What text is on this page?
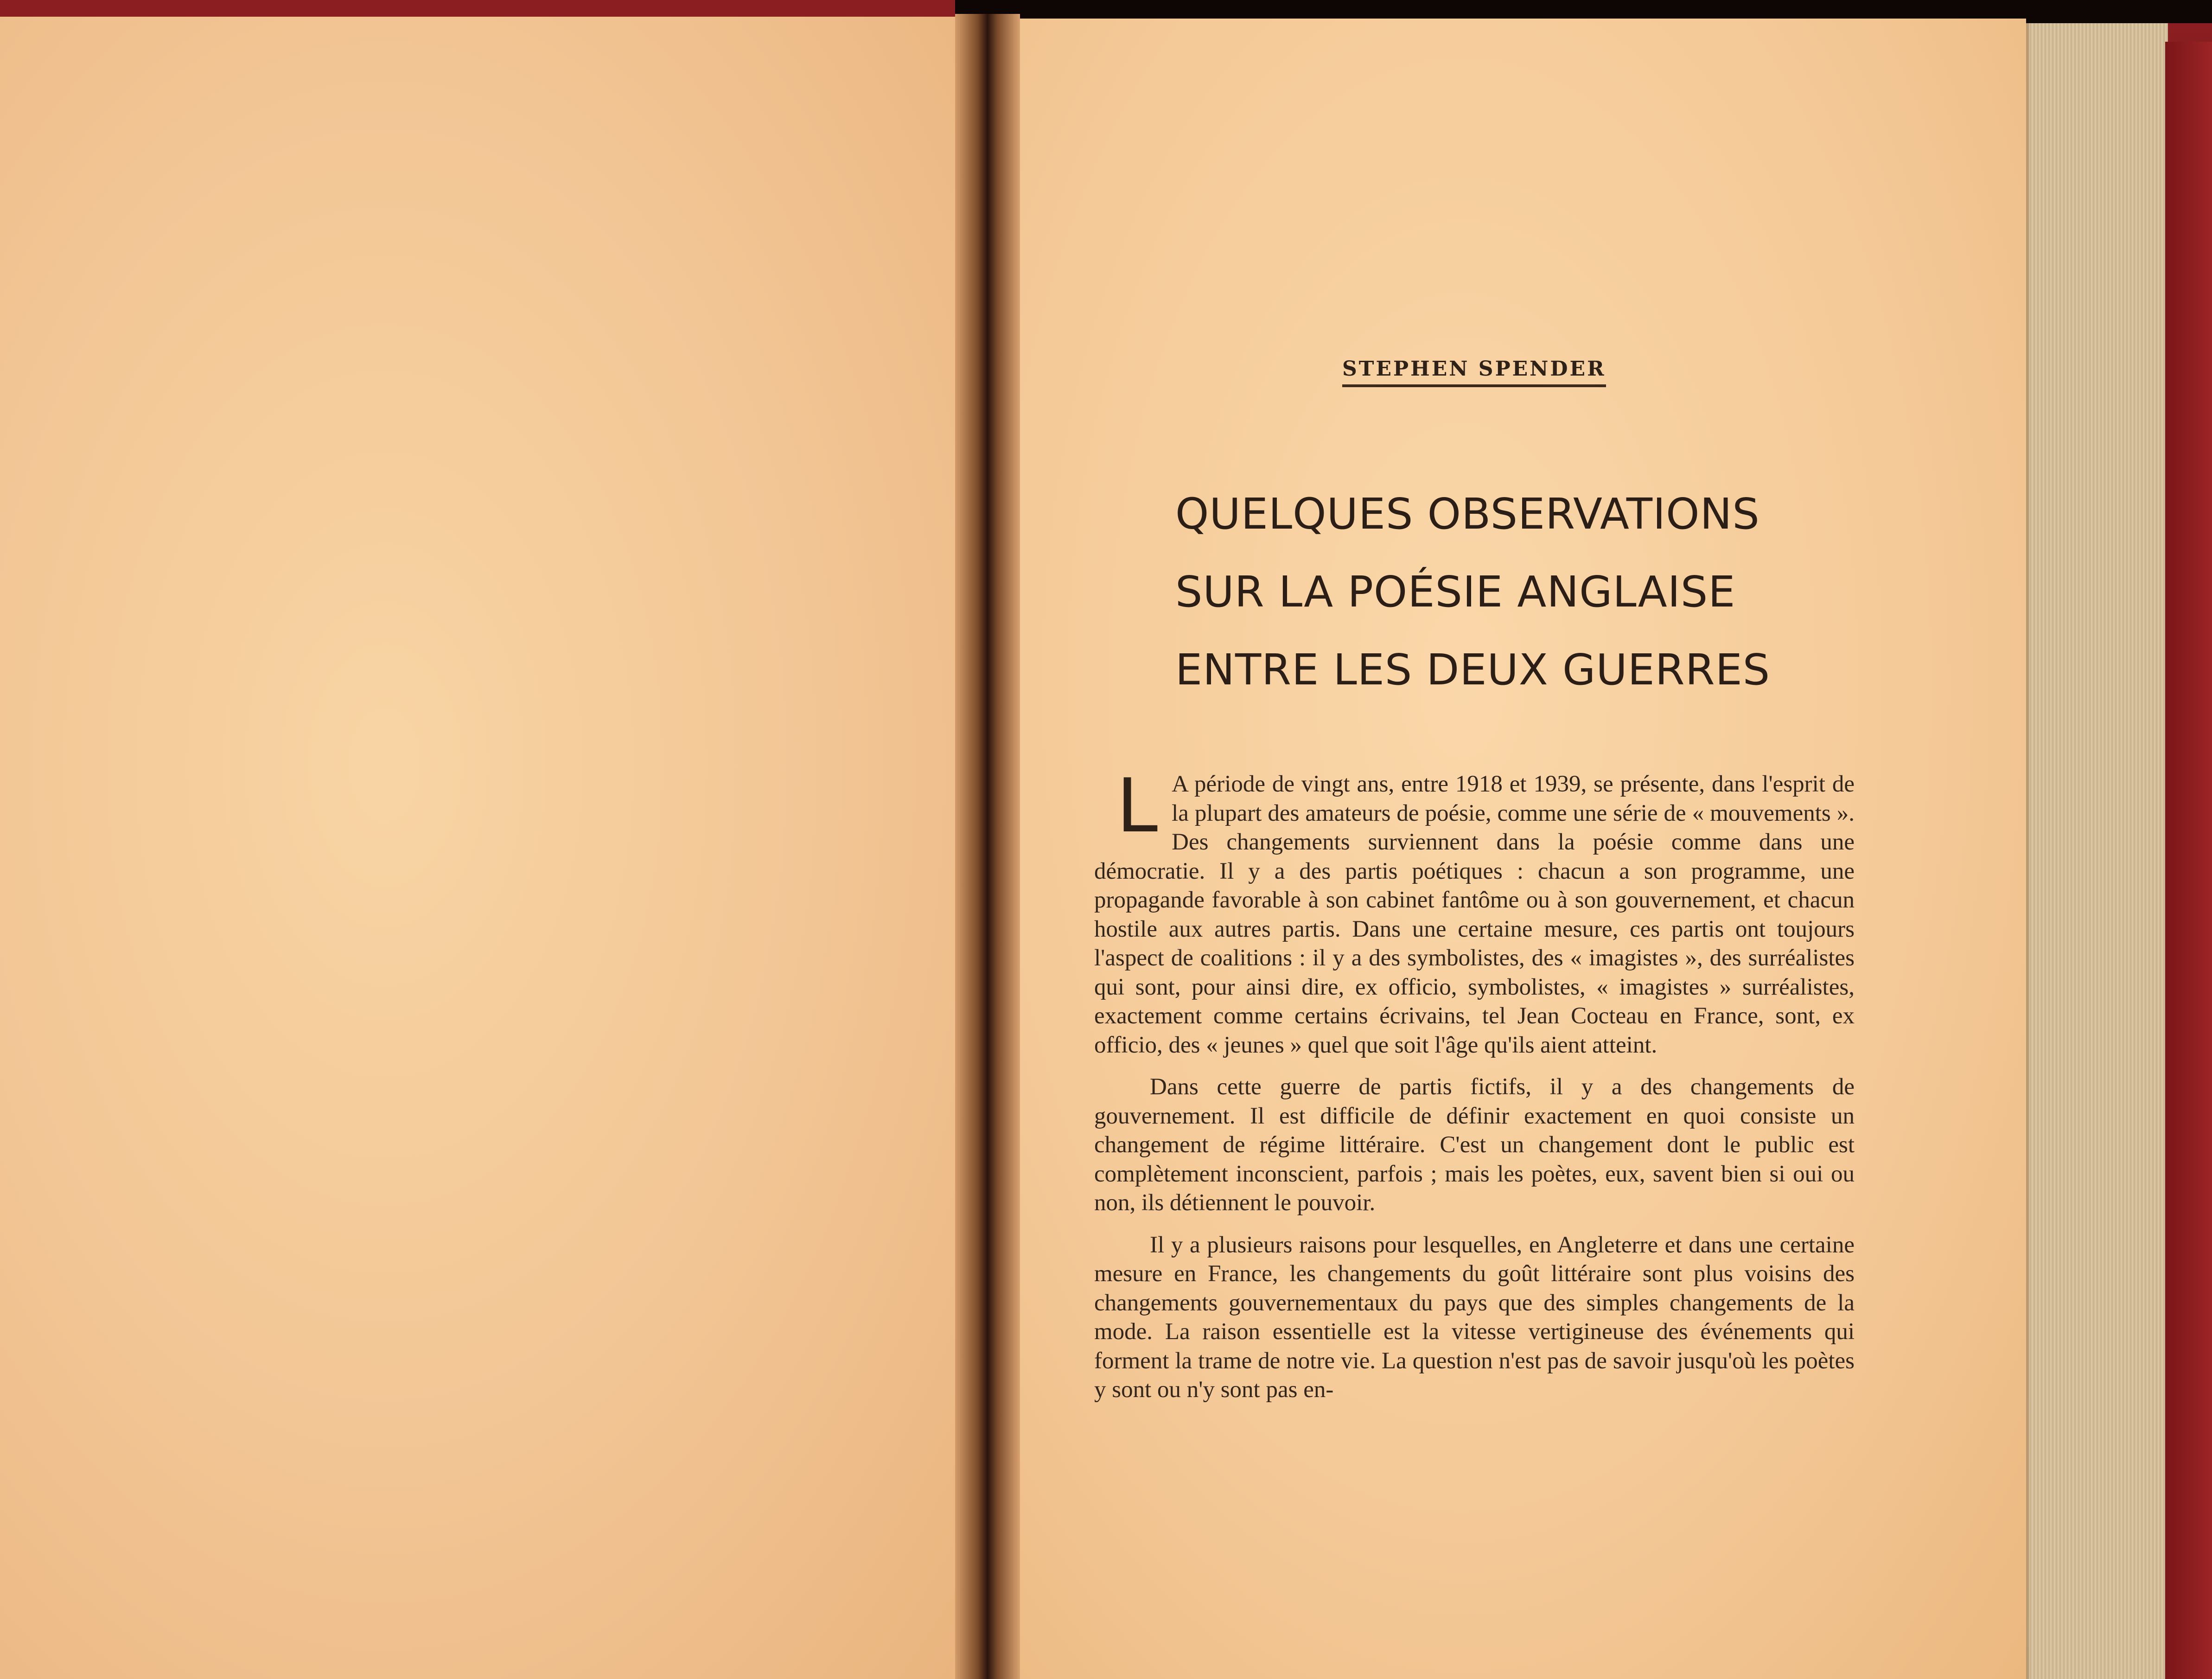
STEPHEN SPENDER
QUELQUES OBSERVATIONS
SUR LA POÉSIE ANGLAISE
ENTRE LES DEUX GUERRES

L A période de vingt ans, entre 1918 et 1939, se présente, dans l'esprit de la plupart des amateurs de poésie, comme une série de « mouvements ». Des changements surviennent dans la poésie comme dans une démocratie. Il y a des partis poétiques : chacun a son programme, une propagande favorable à son cabinet fantôme ou à son gouvernement, et chacun hostile aux autres partis. Dans une certaine mesure, ces partis ont toujours l'aspect de coalitions : il y a des symbolistes, des « imagistes », des surréalistes qui sont, pour ainsi dire, ex officio, symbolistes, « imagistes » surréalistes, exactement comme certains écrivains, tel Jean Cocteau en France, sont, ex officio, des « jeunes » quel que soit l'âge qu'ils aient atteint.

Dans cette guerre de partis fictifs, il y a des changements de gouvernement. Il est difficile de définir exactement en quoi consiste un changement de régime littéraire. C'est un changement dont le public est complètement inconscient, parfois ; mais les poètes, eux, savent bien si oui ou non, ils détiennent le pouvoir.

Il y a plusieurs raisons pour lesquelles, en Angleterre et dans une certaine mesure en France, les changements du goût littéraire sont plus voisins des changements gouvernementaux du pays que des simples changements de la mode. La raison essentielle est la vitesse vertigineuse des événements qui forment la trame de notre vie. La question n'est pas de savoir jusqu'où les poètes y sont ou n'y sont pas en-
